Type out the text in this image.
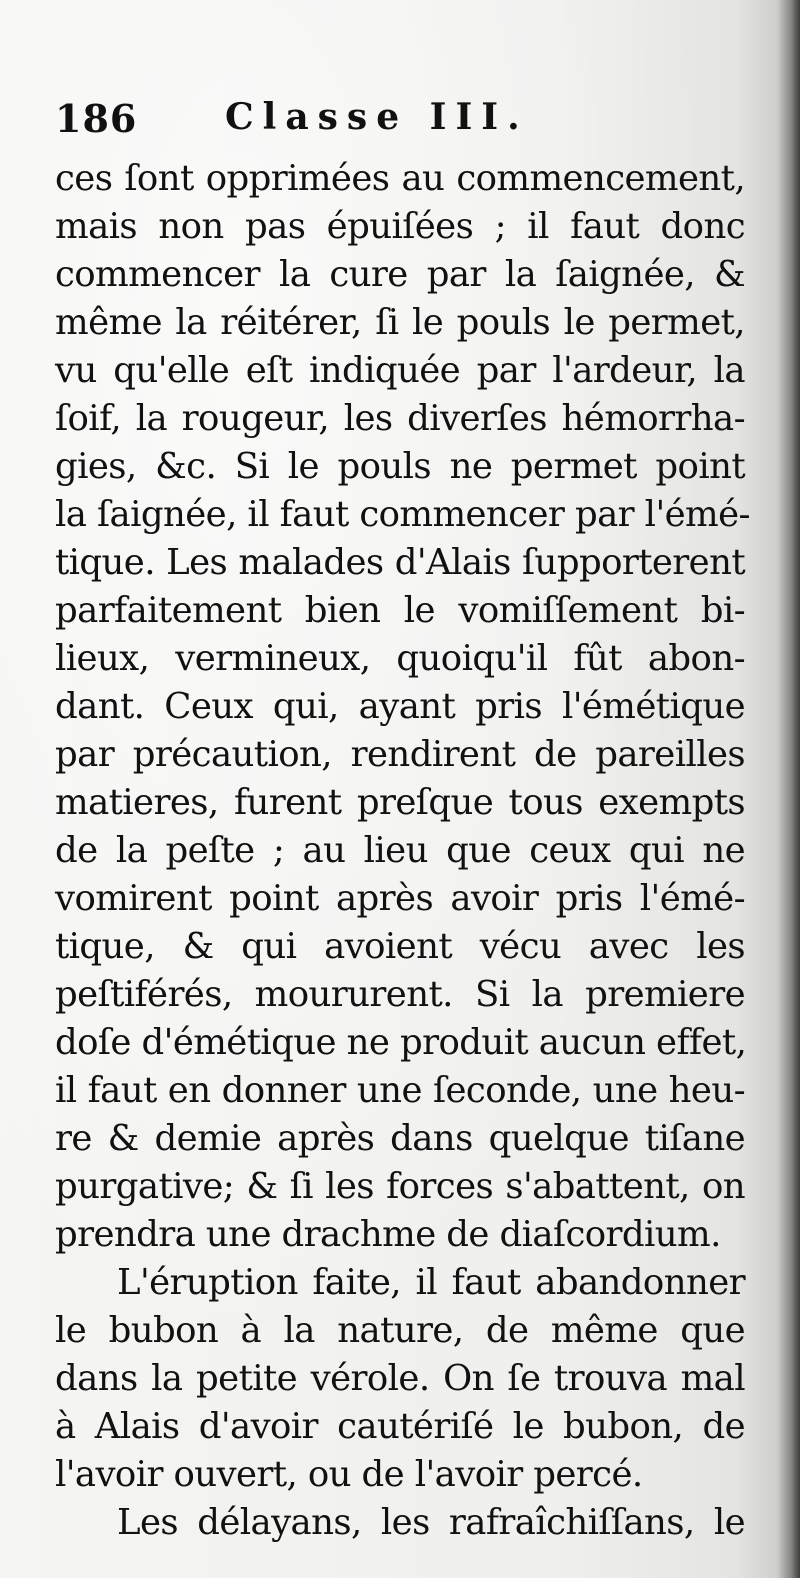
186 Classe III.
ces ſont opprimées au commencement,
mais non pas épuiſées ; il faut donc
commencer la cure par la ſaignée, &
même la réitérer, ſi le pouls le permet,
vu qu'elle eſt indiquée par l'ardeur, la
ſoif, la rougeur, les diverſes hémorrha-
gies, &c. Si le pouls ne permet point
la ſaignée, il faut commencer par l'émé-
tique. Les malades d'Alais ſupporterent
parfaitement bien le vomiſſement bi-
lieux, vermineux, quoiqu'il fût abon-
dant. Ceux qui, ayant pris l'émétique
par précaution, rendirent de pareilles
matieres, furent preſque tous exempts
de la peſte ; au lieu que ceux qui ne
vomirent point après avoir pris l'émé-
tique, & qui avoient vécu avec les
peſtiférés, moururent. Si la premiere
doſe d'émétique ne produit aucun effet,
il faut en donner une ſeconde, une heu-
re & demie après dans quelque tiſane
purgative; & ſi les forces s'abattent, on
prendra une drachme de diaſcordium.
L'éruption faite, il faut abandonner
le bubon à la nature, de même que
dans la petite vérole. On ſe trouva mal
à Alais d'avoir cautériſé le bubon, de
l'avoir ouvert, ou de l'avoir percé.
Les délayans, les rafraîchiſſans, le
